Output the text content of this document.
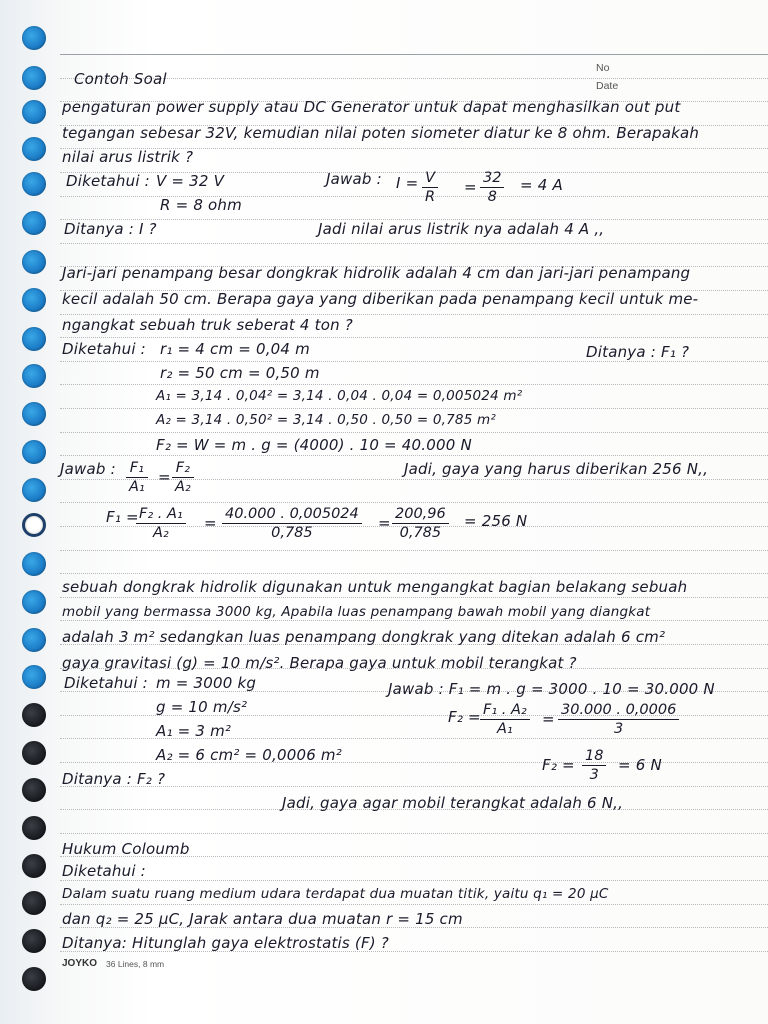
Contoh Soal
No
Date
pengaturan power supply atau DC Generator untuk dapat menghasilkan out put
tegangan sebesar 32V, kemudian nilai poten siometer diatur ke 8 ohm. Berapakah
nilai arus listrik ?
Diketahui : V = 32 V
R = 8 ohm
Ditanya : I ?
Jawab : $I = \frac{V}{R} = \frac{32}{8} = 4$ A
Jadi nilai arus listrik nya adalah 4 A ,,
Jari-jari penampang besar dongkrak hidrolik adalah 4 cm dan jari-jari penampang
kecil adalah 50 cm. Berapa gaya yang diberikan pada penampang kecil untuk me-
ngangkat sebuah truk seberat 4 ton ?
Diketahui : r₁ = 4 cm = 0,04 m
r₂ = 50 cm = 0,50 m
A₁ = 3,14 . 0,04² = 3,14 . 0,04 . 0,04 = 0,005024 m²
A₂ = 3,14 . 0,50² = 3,14 . 0,50 . 0,50 = 0,785 m²
F₂ = W = m . g = (4000) . 10 = 40.000 N
Ditanya : F₁ ?
Jawab : $\frac{\text{F₁}}{\text{A₁}} = \frac{\text{F₂}}{\text{A₂}}$	Jadi, gaya yang harus diberikan 256 N,,
F₁ =
$\frac{\text{F₂ . A₁}}{\text{A₂}} = \frac{40.000 . 0,005024}{0,785} = \frac{200,96}{0,785} = 256$ N
sebuah dongkrak hidrolik digunakan untuk mengangkat bagian belakang sebuah
mobil yang bermassa 3000 kg, Apabila luas penampang bawah mobil yang diangkat
adalah 3 m² sedangkan luas penampang dongkrak yang ditekan adalah 6 cm²
gaya gravitasi (g) = 10 m/s². Berapa gaya untuk mobil terangkat ?
Diketahui : m = 3000 kg
g = 10 m/s²
A₁ = 3 m²
A₂ = 6 cm² = 0,0006 m²
Ditanya : F₂ ?
Jawab : F₁ = m . g = 3000 . 10 = 30.000 N
$F_2 = \frac{\text{F₁ . A₂}}{\text{A₁}} = \frac{30.000 . 0,0006}{3}$
$F_2 = \frac{18}{3} = 6$ N
Jadi, gaya agar mobil terangkat adalah 6 N,,
Hukum Coloumb
Diketahui :
Dalam suatu ruang medium udara terdapat dua muatan titik, yaitu q₁ = 20 μC
dan q₂ = 25 μC, Jarak antara dua muatan r = 15 cm
Ditanya: Hitunglah gaya elektrostatis (F) ?
JOYKO 36 Lines, 8 mm
